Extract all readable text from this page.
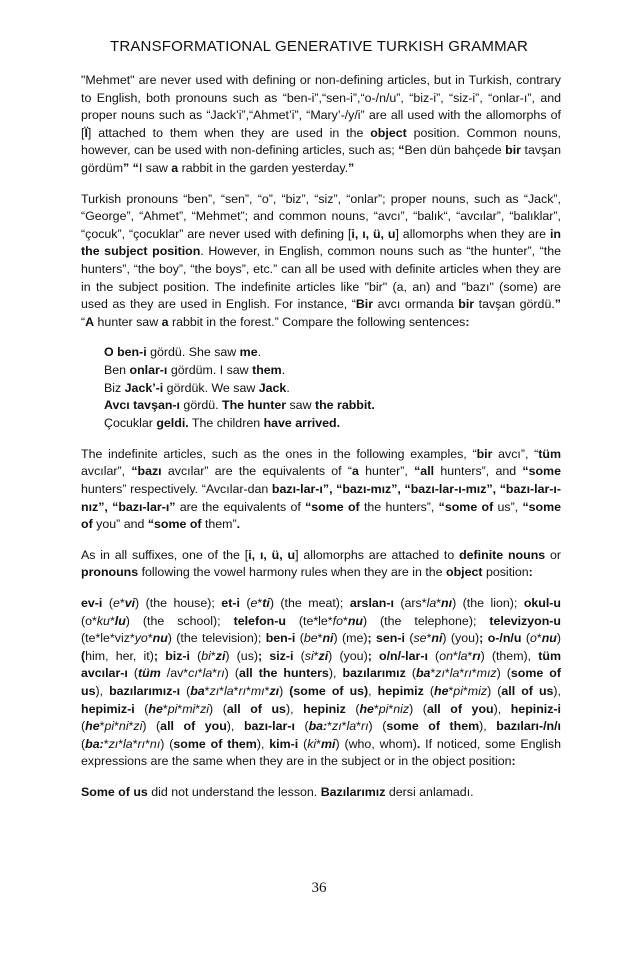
TRANSFORMATIONAL GENERATIVE TURKISH GRAMMAR

"Mehmet" are never used with defining or non-defining articles, but in Turkish, contrary to English, both pronouns such as “ben-i”,“sen-i”,“o-/n/u”, “biz-i”, “siz-i”, “onlar-ı”, and proper nouns such as “Jack’i”,“Ahmet’i”, “Mary’-/y/i” are all used with the allomorphs of [Ï] attached to them when they are used in the object position. Common nouns, however, can be used with non-defining articles, such as; “Ben dün bahçede bir tavşan gördüm” “I saw a rabbit in the garden yesterday.”

Turkish pronouns “ben”, “sen”, “o”, “biz”, “siz”, “onlar”; proper nouns, such as “Jack”, “George”, “Ahmet”, “Mehmet”; and common nouns, “avcı”, “balık“, “avcılar”, “balıklar”, “çocuk”, “çocuklar” are never used with defining [i, ı, ü, u] allomorphs when they are in the subject position. However, in English, common nouns such as “the hunter”, “the hunters”, “the boy”, “the boys”, etc.” can all be used with definite articles when they are in the subject position. The indefinite articles like "bir" (a, an) and "bazı" (some) are used as they are used in English. For instance, “Bir avcı ormanda bir tavşan gördü.” “A hunter saw a rabbit in the forest.” Compare the following sentences:

O ben-i gördü. She saw me.
Ben onlar-ı gördüm. I saw them.
Biz Jack’-i gördük. We saw Jack.
Avcı tavşan-ı gördü. The hunter saw the rabbit.
Çocuklar geldi. The children have arrived.

The indefinite articles, such as the ones in the following examples, “bir avcı”, “tüm avcılar”, “bazı avcılar” are the equivalents of “a hunter”, “all hunters”, and “some hunters” respectively. “Avcılar-dan bazı-lar-ı”, “bazı-mız”, “bazı-lar-ı-mız”, “bazı-lar-ı-nız”, “bazı-lar-ı” are the equivalents of “some of the hunters”, “some of us”, “some of you” and “some of them”.

As in all suffixes, one of the [i, ı, ü, u] allomorphs are attached to definite nouns or pronouns following the vowel harmony rules when they are in the object position:

ev-i (e*vi) (the house); et-i (e*ti) (the meat); arslan-ı (ars*la*nı) (the lion); okul-u (o*ku*lu) (the school); telefon-u (te*le*fo*nu) (the telephone); televizyon-u (te*le*viz*yo*nu) (the television); ben-i (be*ni) (me); sen-i (se*ni) (you); o-/n/u (o*nu) (him, her, it); biz-i (bi*zi) (us); siz-i (si*zi) (you); o/n/-lar-ı (on*la*rı) (them), tüm avcılar-ı (tüm /av*cı*la*rı) (all the hunters), bazılarımız (ba*zı*la*rı*mız) (some of us), bazılarımız-ı (ba*zı*la*rı*mı*zı) (some of us), hepimiz (he*pi*miz) (all of us), hepimiz-i (he*pi*mi*zi) (all of us), hepiniz (he*pi*niz) (all of you), hepiniz-i (he*pi*ni*zi) (all of you), bazı-lar-ı (ba:*zı*la*rı) (some of them), bazıları-/n/ı (ba:*zı*la*rı*nı) (some of them), kim-i (ki*mi) (who, whom). If noticed, some English expressions are the same when they are in the subject or in the object position:

Some of us did not understand the lesson. Bazılarımız dersi anlamadı.

36
